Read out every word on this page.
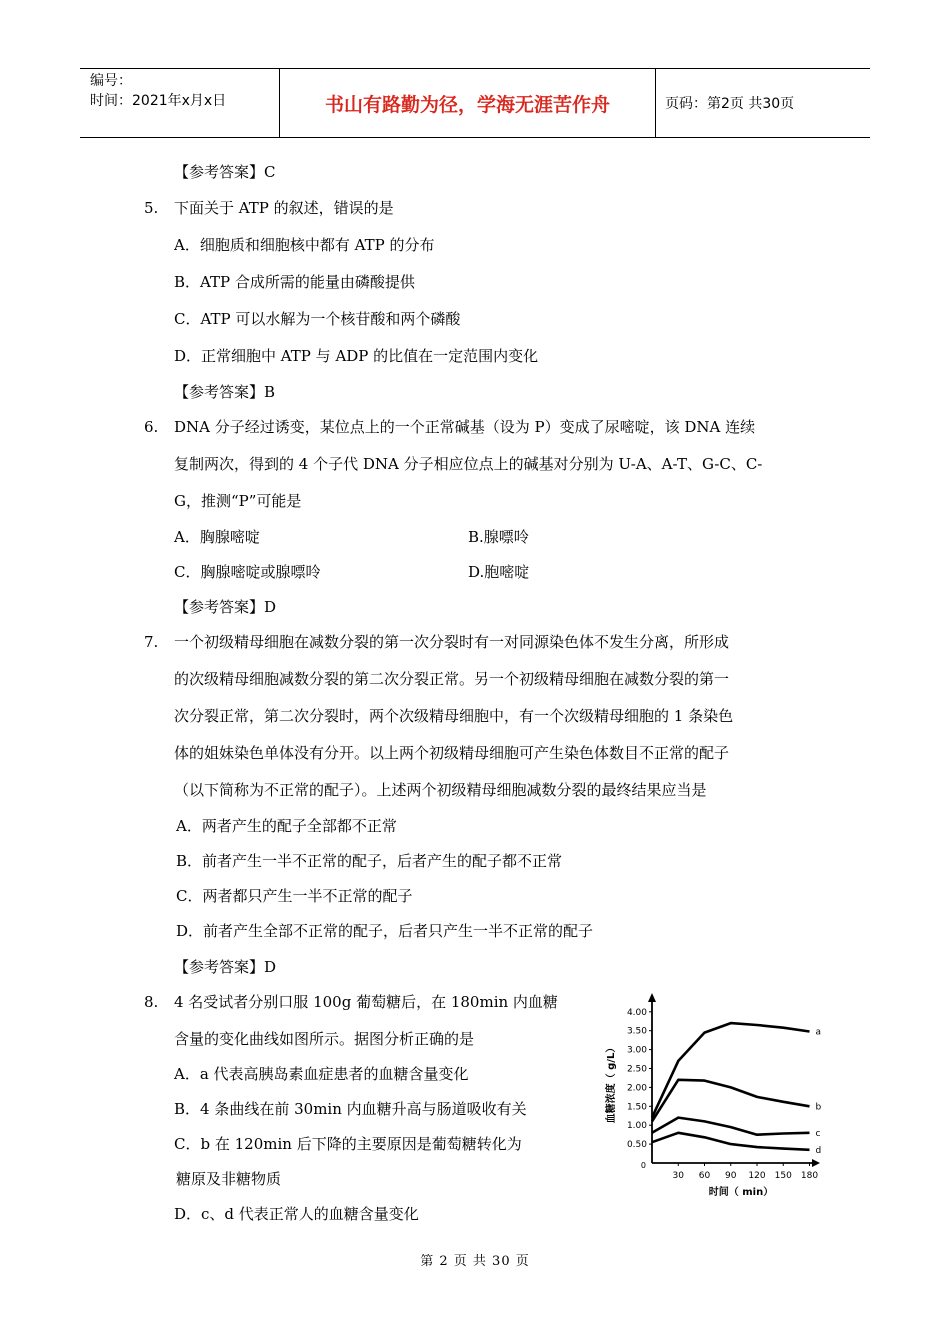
编号：
时间：2021年x月x日	书山有路勤为径，学海无涯苦作舟	页码：第2页 共30页
【参考答案】C
5. 下面关于 ATP 的叙述，错误的是
A．细胞质和细胞核中都有 ATP 的分布
B．ATP 合成所需的能量由磷酸提供
C．ATP 可以水解为一个核苷酸和两个磷酸
D．正常细胞中 ATP 与 ADP 的比值在一定范围内变化
【参考答案】B
6. DNA 分子经过诱变，某位点上的一个正常碱基（设为 P）变成了尿嘧啶，该 DNA 连续
复制两次，得到的 4 个子代 DNA 分子相应位点上的碱基对分别为 U-A、A-T、G-C、C-
G，推测“P”可能是
A．胸腺嘧啶	B.腺嘌呤
C．胸腺嘧啶或腺嘌呤	D.胞嘧啶
【参考答案】D
7. 一个初级精母细胞在减数分裂的第一次分裂时有一对同源染色体不发生分离，所形成
的次级精母细胞减数分裂的第二次分裂正常。另一个初级精母细胞在减数分裂的第一
次分裂正常，第二次分裂时，两个次级精母细胞中，有一个次级精母细胞的 1 条染色
体的姐妹染色单体没有分开。以上两个初级精母细胞可产生染色体数目不正常的配子
（以下简称为不正常的配子）。上述两个初级精母细胞减数分裂的最终结果应当是
A．两者产生的配子全部都不正常
B．前者产生一半不正常的配子，后者产生的配子都不正常
C．两者都只产生一半不正常的配子
D．前者产生全部不正常的配子，后者只产生一半不正常的配子
【参考答案】D
8. 4 名受试者分别口服 100g 葡萄糖后，在 180min 内血糖
含量的变化曲线如图所示。据图分析正确的是
A．a 代表高胰岛素血症患者的血糖含量变化
B．4 条曲线在前 30min 内血糖升高与肠道吸收有关
C．b 在 120min 后下降的主要原因是葡萄糖转化为
糖原及非糖物质
D．c、d 代表正常人的血糖含量变化
0
0.50
1.00
1.50
2.00
2.50
3.00
3.50
4.00
30 60 90 120 150 180
时间（ min）
血糖浓度（ g/L）
a
b
c
d
第 2 页 共 30 页
